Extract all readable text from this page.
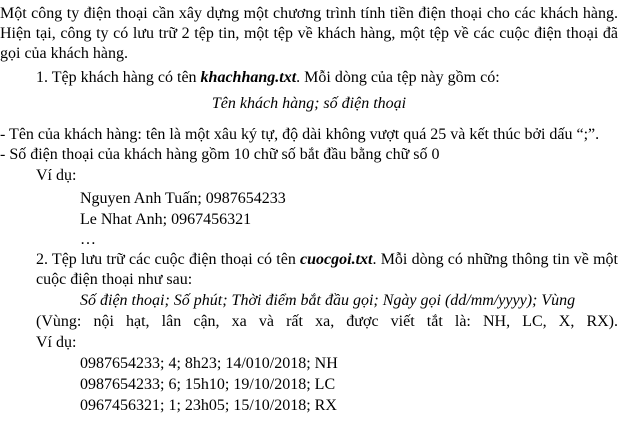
Một công ty điện thoại cần xây dựng một chương trình tính tiền điện thoại cho các khách hàng.
Hiện tại, công ty có lưu trữ 2 tệp tin, một tệp về khách hàng, một tệp về các cuộc điện thoại đã
gọi của khách hàng.
1. Tệp khách hàng có tên khachhang.txt. Mỗi dòng của tệp này gồm có:
Tên khách hàng; số điện thoại
- Tên của khách hàng: tên là một xâu ký tự, độ dài không vượt quá 25 và kết thúc bởi dấu “;”.
- Số điện thoại của khách hàng gồm 10 chữ số bắt đầu bằng chữ số 0
Ví dụ:
Nguyen Anh Tuấn; 0987654233
Le Nhat Anh; 0967456321
…
2. Tệp lưu trữ các cuộc điện thoại có tên cuocgoi.txt. Mỗi dòng có những thông tin về một
cuộc điện thoại như sau:
Số điện thoại; Số phút; Thời điểm bắt đầu gọi; Ngày gọi (dd/mm/yyyy); Vùng
(Vùng: nội hạt, lân cận, xa và rất xa, được viết tắt là: NH, LC, X, RX).
Ví dụ:
0987654233; 4; 8h23; 14/010/2018; NH
0987654233; 6; 15h10; 19/10/2018; LC
0967456321; 1; 23h05; 15/10/2018; RX
